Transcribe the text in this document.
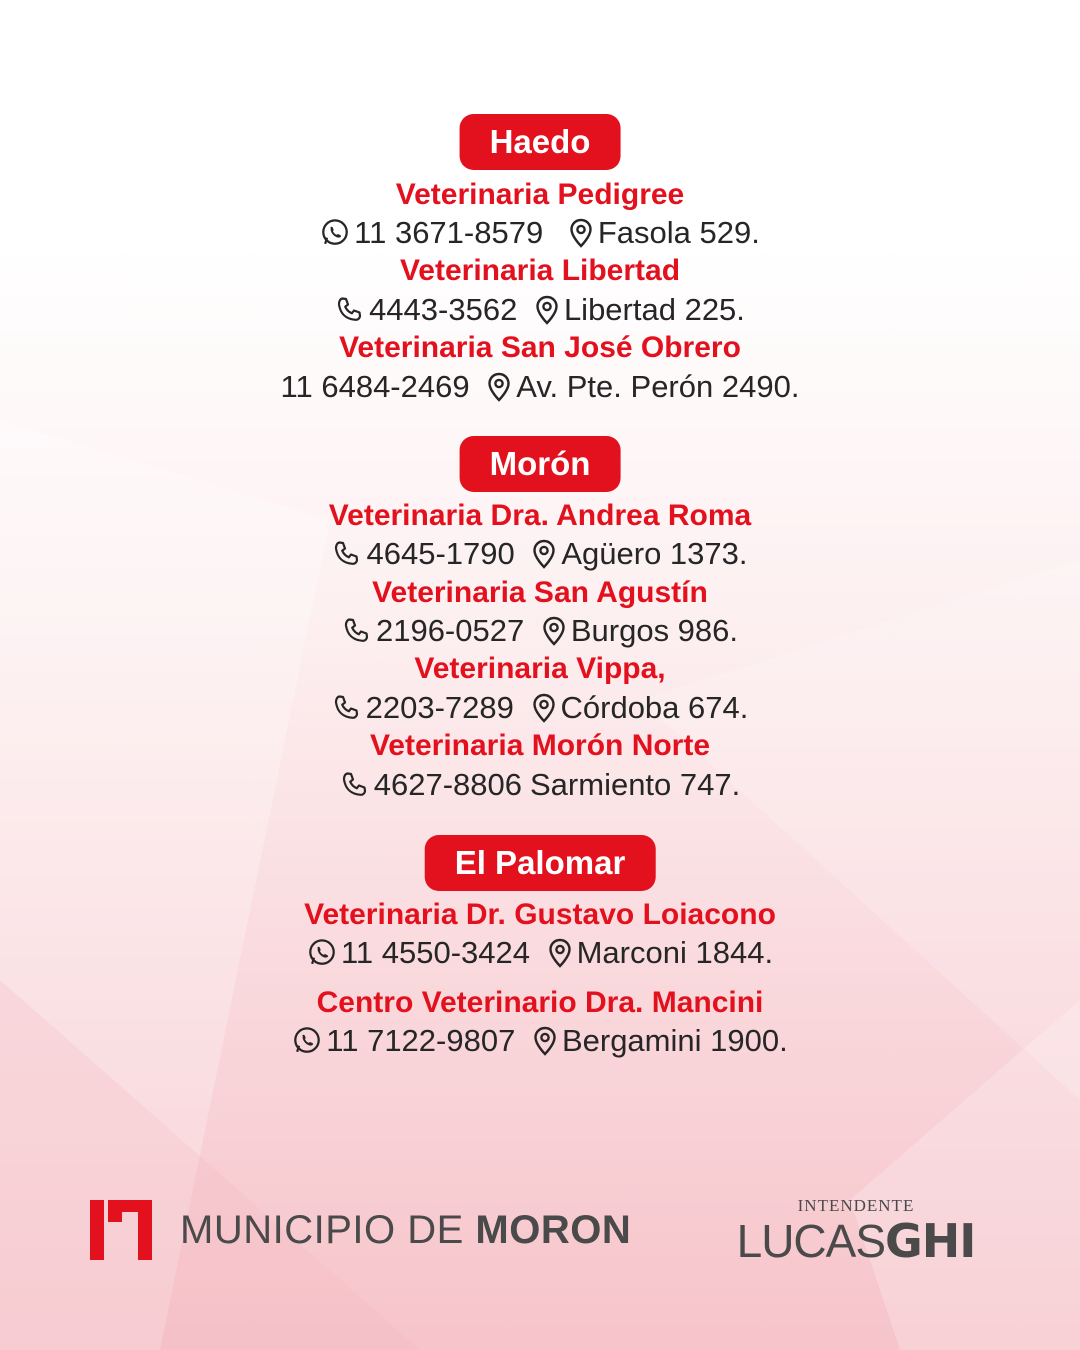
Haedo
Veterinaria Pedigree
11 3671-8579 Fasola 529.
Veterinaria Libertad
4443-3562 Libertad 225.
Veterinaria San José Obrero
11 6484-2469 Av. Pte. Perón 2490.
Morón
Veterinaria Dra. Andrea Roma
4645-1790 Agüero 1373.
Veterinaria San Agustín
2196-0527 Burgos 986.
Veterinaria Vippa,
2203-7289 Córdoba 674.
Veterinaria Morón Norte
4627-8806 Sarmiento 747.
El Palomar
Veterinaria Dr. Gustavo Loiacono
11 4550-3424 Marconi 1844.
Centro Veterinario Dra. Mancini
11 7122-9807 Bergamini 1900.
MUNICIPIO DE MORON
INTENDENTE
LUCASGHI
